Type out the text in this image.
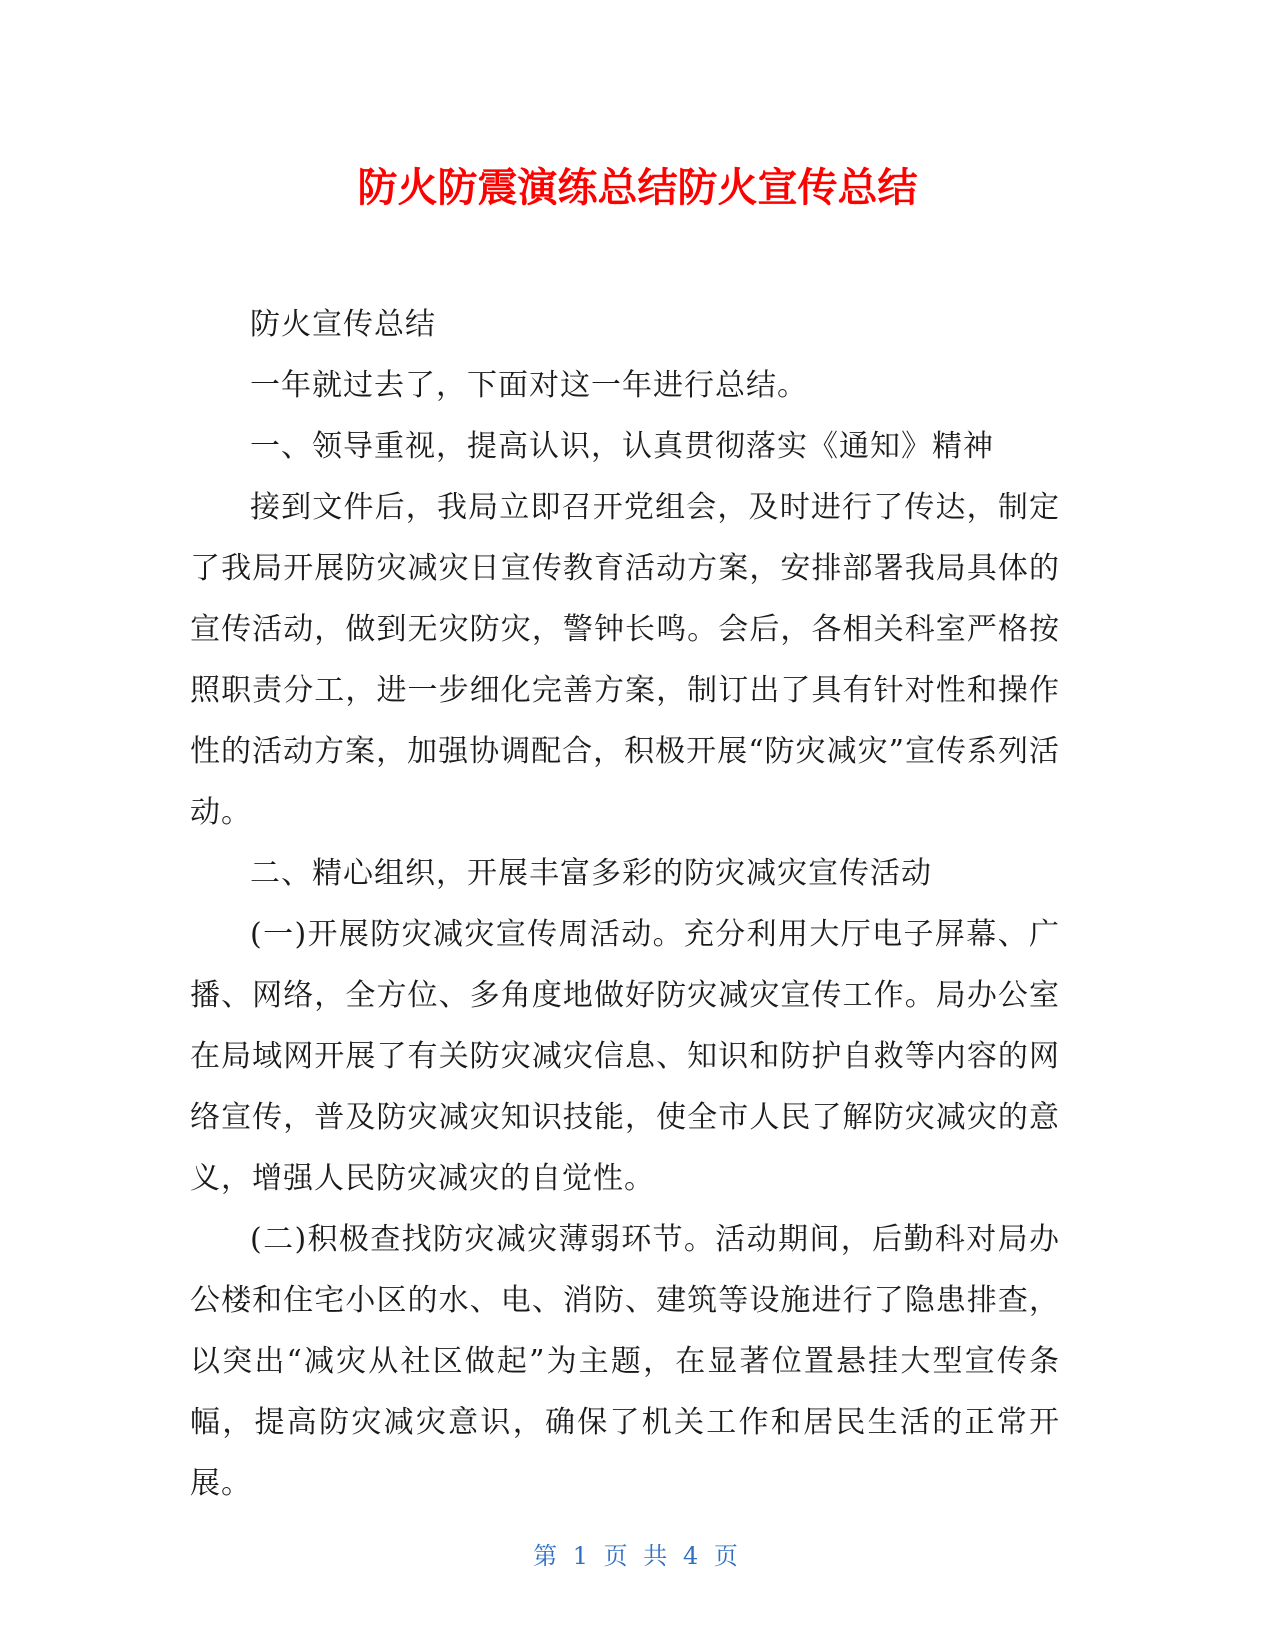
防火防震演练总结防火宣传总结

防火宣传总结

一年就过去了，下面对这一年进行总结。

一、领导重视，提高认识，认真贯彻落实《通知》精神

接到文件后，我局立即召开党组会，及时进行了传达，制定了我局开展防灾减灾日宣传教育活动方案，安排部署我局具体的宣传活动，做到无灾防灾，警钟长鸣。会后，各相关科室严格按照职责分工，进一步细化完善方案，制订出了具有针对性和操作性的活动方案，加强协调配合，积极开展“防灾减灾”宣传系列活动。

二、精心组织，开展丰富多彩的防灾减灾宣传活动

(一)开展防灾减灾宣传周活动。充分利用大厅电子屏幕、广播、网络，全方位、多角度地做好防灾减灾宣传工作。局办公室在局域网开展了有关防灾减灾信息、知识和防护自救等内容的网络宣传，普及防灾减灾知识技能，使全市人民了解防灾减灾的意义，增强人民防灾减灾的自觉性。

(二)积极查找防灾减灾薄弱环节。活动期间，后勤科对局办公楼和住宅小区的水、电、消防、建筑等设施进行了隐患排查，以突出“减灾从社区做起”为主题，在显著位置悬挂大型宣传条幅，提高防灾减灾意识，确保了机关工作和居民生活的正常开展。

第 1 页 共 4 页
